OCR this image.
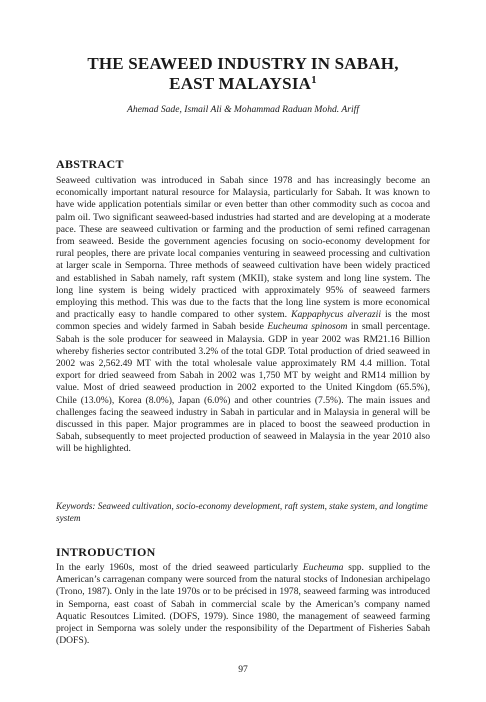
THE SEAWEED INDUSTRY IN SABAH,
EAST MALAYSIA$^1$
Ahemad Sade, Ismail Ali & Mohammad Raduan Mohd. Ariff
ABSTRACT

Seaweed cultivation was introduced in Sabah since 1978 and has increasingly become an economically important natural resource for Malaysia, particularly for Sabah. It was known to have wide application potentials similar or even better than other commodity such as cocoa and palm oil. Two significant seaweed-based industries had started and are developing at a moderate pace. These are seaweed cultivation or farming and the production of semi refined carragenan from seaweed. Beside the government agencies focusing on socio-economy development for rural peoples, there are private local companies venturing in seaweed processing and cultivation at larger scale in Semporna. Three methods of seaweed cultivation have been widely practiced and established in Sabah namely, raft system (MKII), stake system and long line system. The long line system is being widely practiced with approximately 95% of seaweed farmers employing this method. This was due to the facts that the long line system is more economical and practically easy to handle compared to other system. Kappaphycus alverazii is the most common species and widely farmed in Sabah beside Eucheuma spinosom in small percentage. Sabah is the sole producer for seaweed in Malaysia. GDP in year 2002 was RM21.16 Billion whereby fisheries sector contributed 3.2% of the total GDP. Total production of dried seaweed in 2002 was 2,562.49 MT with the total wholesale value approximately RM 4.4 million. Total export for dried seaweed from Sabah in 2002 was 1,750 MT by weight and RM14 million by value. Most of dried seaweed production in 2002 exported to the United Kingdom (65.5%), Chile (13.0%), Korea (8.0%), Japan (6.0%) and other countries (7.5%). The main issues and challenges facing the seaweed industry in Sabah in particular and in Malaysia in general will be discussed in this paper. Major programmes are in placed to boost the seaweed production in Sabah, subsequently to meet projected production of seaweed in Malaysia in the year 2010 also will be highlighted.

Keywords: Seaweed cultivation, socio-economy development, raft system, stake system, and longtime system

INTRODUCTION

In the early 1960s, most of the dried seaweed particularly Eucheuma spp. supplied to the American’s carragenan company were sourced from the natural stocks of Indonesian archipelago (Trono, 1987). Only in the late 1970s or to be précised in 1978, seaweed farming was introduced in Semporna, east coast of Sabah in commercial scale by the American’s company named Aquatic Resoutces Limited. (DOFS, 1979). Since 1980, the management of seaweed farming project in Semporna was solely under the responsibility of the Department of Fisheries Sabah (DOFS).

97
